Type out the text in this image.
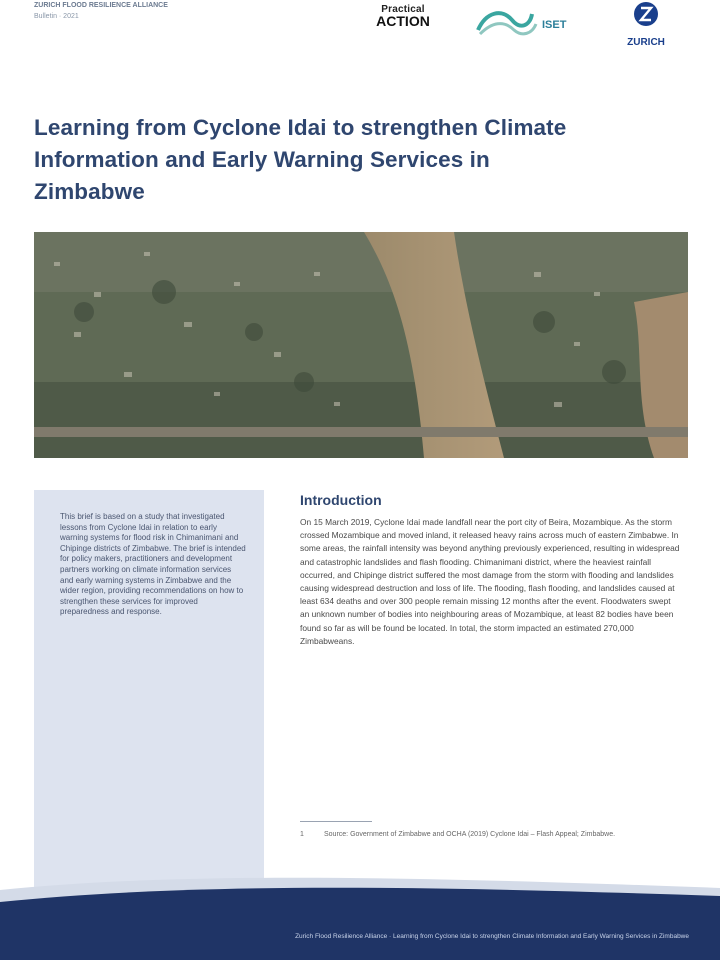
ZURICH FLOOD RESILIENCE ALLIANCE
Bulletin · 2021
Practical
ACTION	ISET
ZURICH
Learning from Cyclone Idai to strengthen Climate Information and Early Warning Services in Zimbabwe

This brief is based on a study that investigated lessons from Cyclone Idai in relation to early warning systems for flood risk in Chimanimani and Chipinge districts of Zimbabwe. The brief is intended for policy makers, practitioners and development partners working on climate information services and early warning systems in Zimbabwe and the wider region, providing recommendations on how to strengthen these services for improved preparedness and response.

Introduction

On 15 March 2019, Cyclone Idai made landfall near the port city of Beira, Mozambique. As the storm crossed Mozambique and moved inland, it released heavy rains across much of eastern Zimbabwe. In some areas, the rainfall intensity was beyond anything previously experienced, resulting in widespread and catastrophic landslides and flash flooding. Chimanimani district, where the heaviest rainfall occurred, and Chipinge district suffered the most damage from the storm with flooding and landslides causing widespread destruction and loss of life. The flooding, flash flooding, and landslides caused at least 634 deaths and over 300 people remain missing 12 months after the event. Floodwaters swept an unknown number of bodies into neighbouring areas of Mozambique, at least 82 bodies have been found so far as will be found be located. In total, the storm impacted an estimated 270,000 Zimbabweans.

1	Source: Government of Zimbabwe and OCHA (2019) Cyclone Idai – Flash Appeal; Zimbabwe.
Zurich Flood Resilience Alliance · Learning from Cyclone Idai to strengthen Climate Information and Early Warning Services in Zimbabwe
